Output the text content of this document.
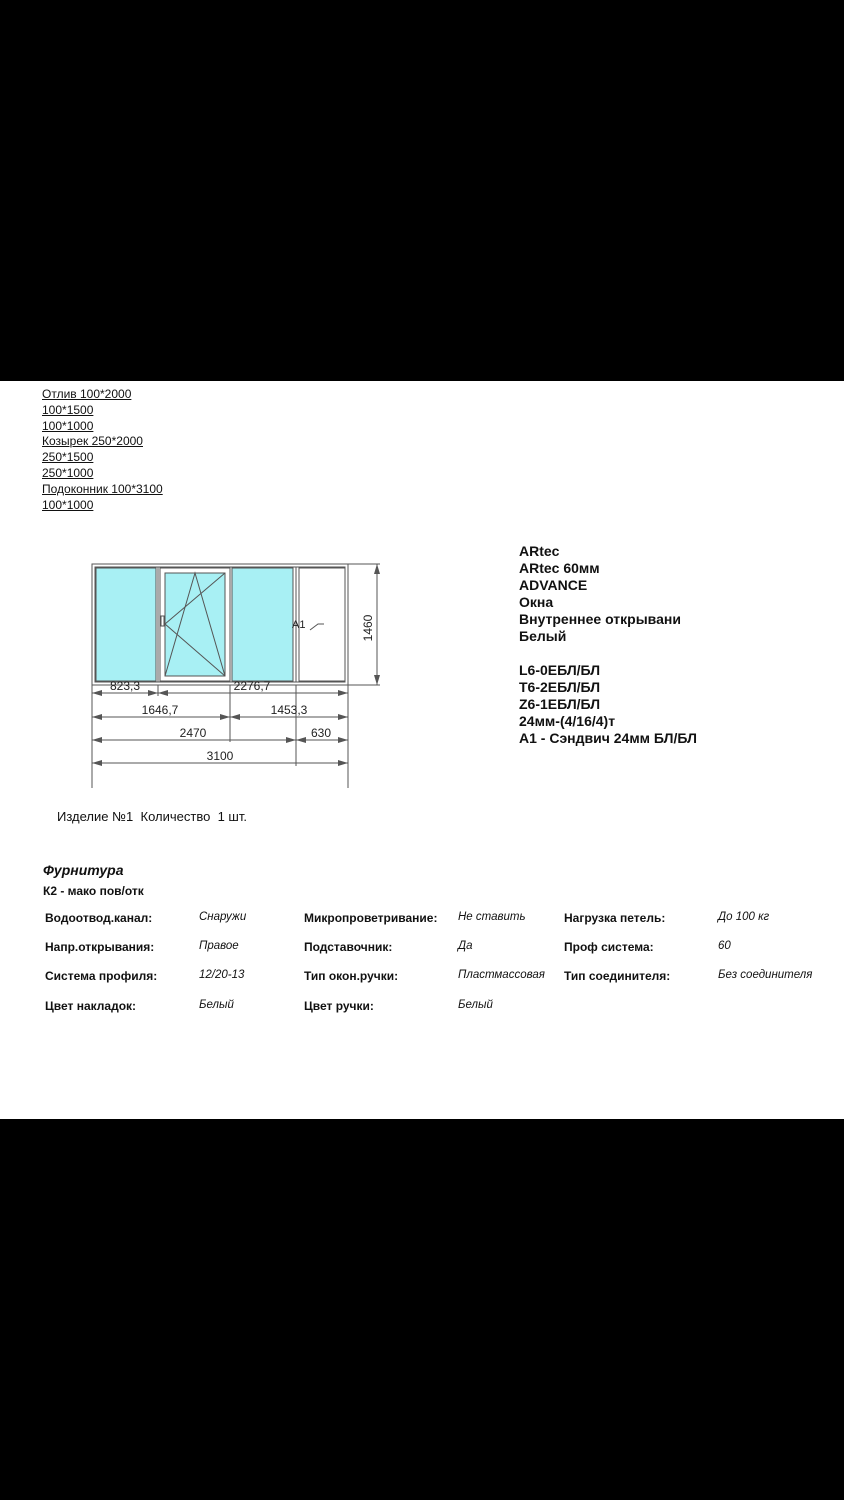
Отлив 100*2000
100*1500
100*1000
Козырек 250*2000
250*1500
250*1000
Подоконник 100*3100
100*1000
A1	1460
823,3	2276,7
1646,7	1453,3
2470	630
3100
ARtec
ARtec 60мм
ADVANCE
Окна
Внутреннее открывани
Белый
L6-0ЕБЛ/БЛ
T6-2ЕБЛ/БЛ
Z6-1ЕБЛ/БЛ
24мм-(4/16/4)т
A1 - Сэндвич 24мм БЛ/БЛ
Изделие №1 Количество 1 шт.
Фурнитура
К2 - мако пов/отк
Водоотвод.канал:	Снаружи	Микропроветривание: Не ставить	Нагрузка петель:	До 100 кг
Напр.открывания:	Правое	Подставочник:	Да	Проф система:	60
Система профиля:	12/20-13	Тип окон.ручки:	Пластмассовая Тип соединителя:	Без соединителя
Цвет накладок:	Белый	Цвет ручки:	Белый
